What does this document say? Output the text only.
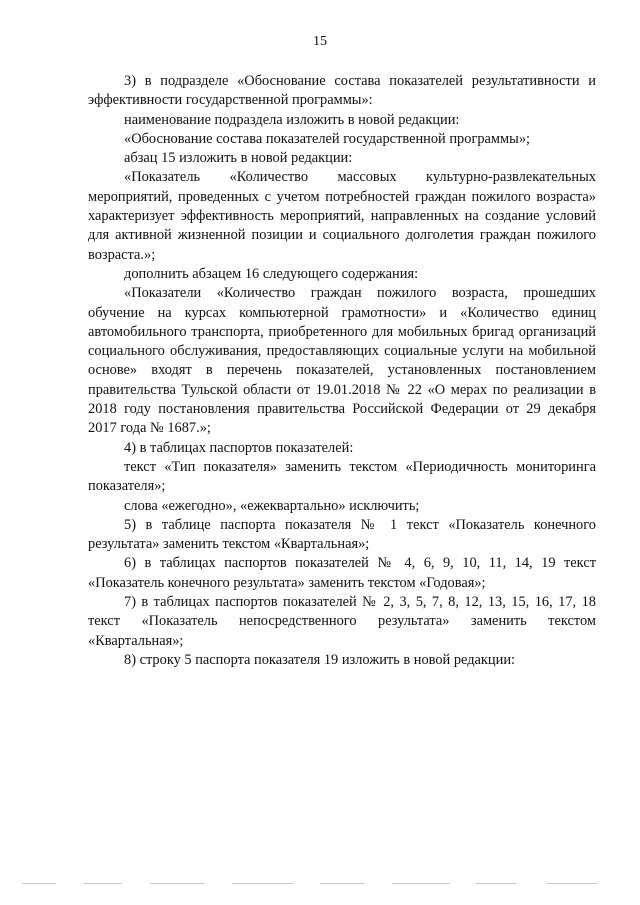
15

3) в подразделе «Обоснование состава показателей результативности и эффективности государственной программы»:

наименование подраздела изложить в новой редакции:

«Обоснование состава показателей государственной программы»;

абзац 15 изложить в новой редакции:

«Показатель «Количество массовых культурно-развлекательных мероприятий, проведенных с учетом потребностей граждан пожилого возраста» характеризует эффективность мероприятий, направленных на создание условий для активной жизненной позиции и социального долголетия граждан пожилого возраста.»;

дополнить абзацем 16 следующего содержания:

«Показатели «Количество граждан пожилого возраста, прошедших обучение на курсах компьютерной грамотности» и «Количество единиц автомобильного транспорта, приобретенного для мобильных бригад организаций социального обслуживания, предоставляющих социальные услуги на мобильной основе» входят в перечень показателей, установленных постановлением правительства Тульской области от 19.01.2018 № 22 «О мерах по реализации в 2018 году постановления правительства Российской Федерации от 29 декабря 2017 года № 1687.»;

4) в таблицах паспортов показателей:

текст «Тип показателя» заменить текстом «Периодичность мониторинга показателя»;

слова «ежегодно», «ежеквартально» исключить;

5) в таблице паспорта показателя № 1 текст «Показатель конечного результата» заменить текстом «Квартальная»;

6) в таблицах паспортов показателей № 4, 6, 9, 10, 11, 14, 19 текст «Показатель конечного результата» заменить текстом «Годовая»;

7) в таблицах паспортов показателей № 2, 3, 5, 7, 8, 12, 13, 15, 16, 17, 18 текст «Показатель непосредственного результата» заменить текстом «Квартальная»;

8) строку 5 паспорта показателя 19 изложить в новой редакции:
